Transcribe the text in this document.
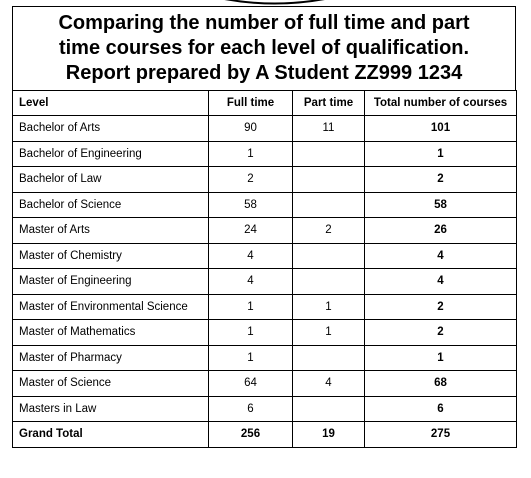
Comparing the number of full time and part
time courses for each level of qualification.
Report prepared by A Student ZZ999 1234
Level	Full time	Part time	Total number of courses
Bachelor of Arts	90	11	101
Bachelor of Engineering	1		1
Bachelor of Law	2		2
Bachelor of Science	58		58
Master of Arts	24	2	26
Master of Chemistry	4		4
Master of Engineering	4		4
Master of Environmental Science	1	1	2
Master of Mathematics	1	1	2
Master of Pharmacy	1		1
Master of Science	64	4	68
Masters in Law	6		6
Grand Total	256	19	275
